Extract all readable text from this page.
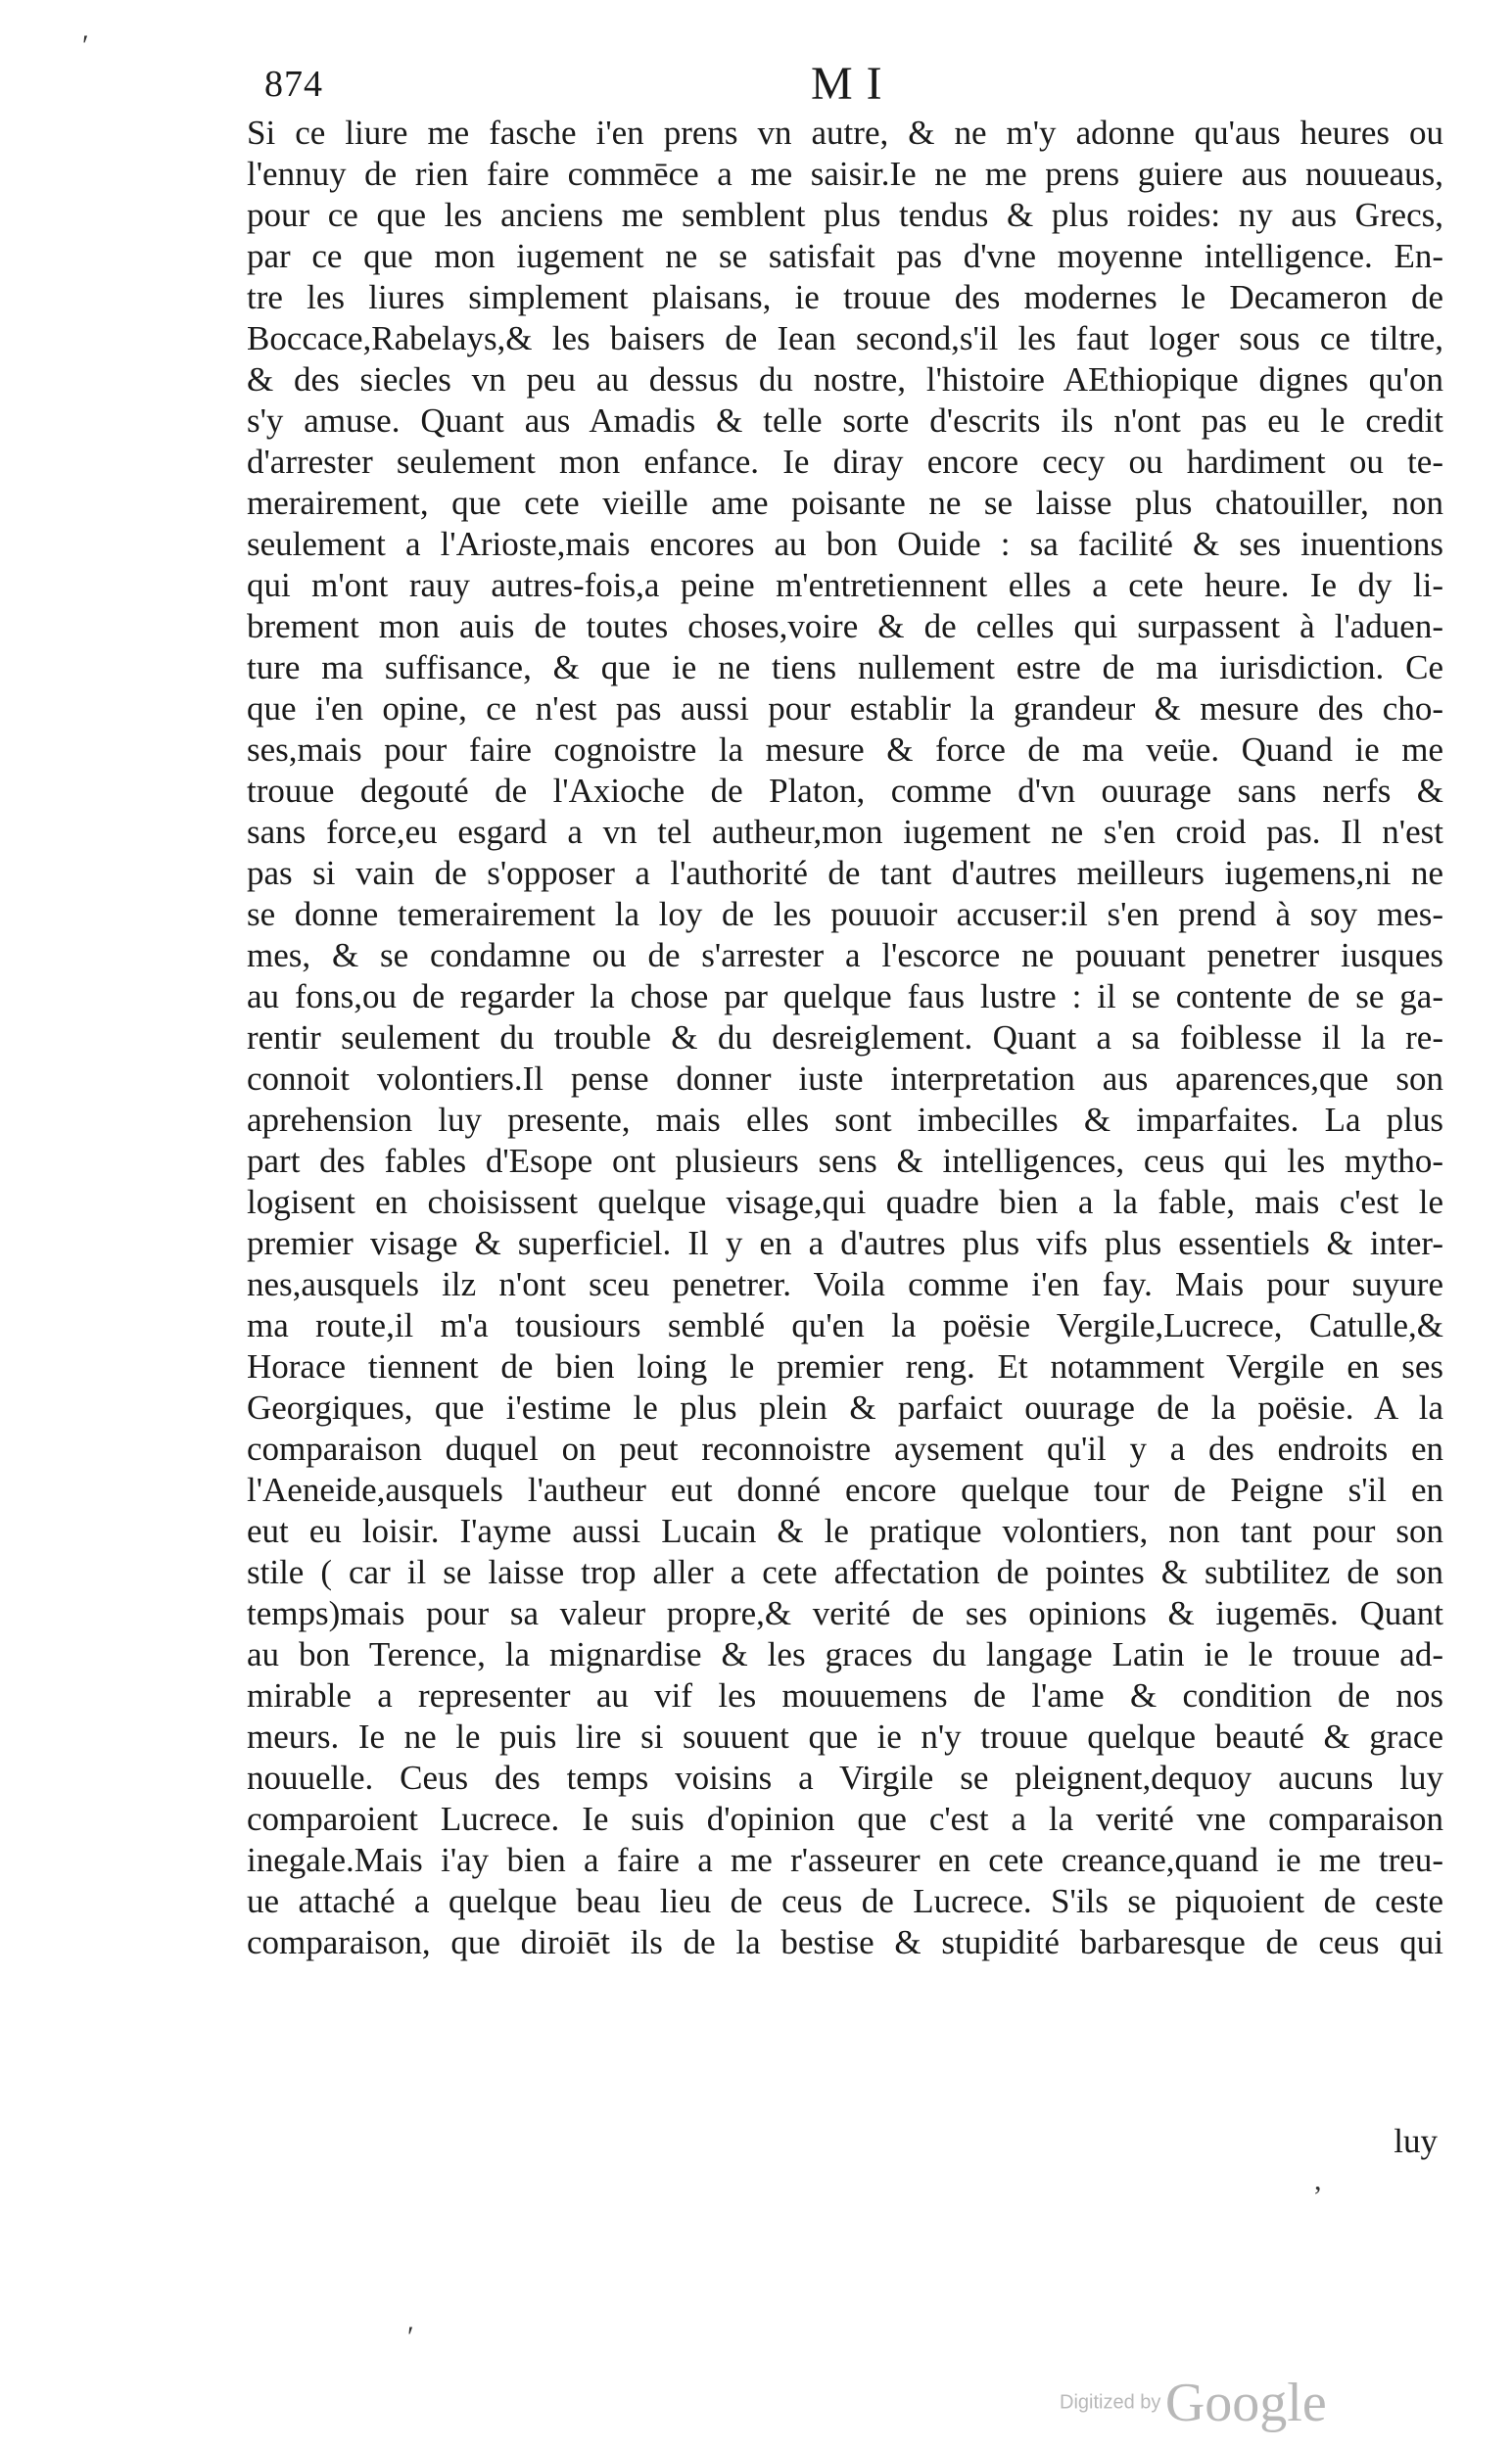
ʹ
,
ʹ
874	MI
Si ce liure me fasche i'en prens vn autre, & ne m'y adonne qu'aus heures ou
l'ennuy de rien faire commēce a me saisir.Ie ne me prens guiere aus nouueaus,
pour ce que les anciens me semblent plus tendus & plus roides: ny aus Grecs,
par ce que mon iugement ne se satisfait pas d'vne moyenne intelligence. En-
tre les liures simplement plaisans, ie trouue des modernes le Decameron de
Boccace,Rabelays,& les baisers de Iean second,s'il les faut loger sous ce tiltre,
& des siecles vn peu au dessus du nostre, l'histoire AEthiopique dignes qu'on
s'y amuse. Quant aus Amadis & telle sorte d'escrits ils n'ont pas eu le credit
d'arrester seulement mon enfance. Ie diray encore cecy ou hardiment ou te-
merairement, que cete vieille ame poisante ne se laisse plus chatouiller, non
seulement a l'Arioste,mais encores au bon Ouide : sa facilité & ses inuentions
qui m'ont rauy autres-fois,a peine m'entretiennent elles a cete heure. Ie dy li-
brement mon auis de toutes choses,voire & de celles qui surpassent à l'aduen-
ture ma suffisance, & que ie ne tiens nullement estre de ma iurisdiction. Ce
que i'en opine, ce n'est pas aussi pour establir la grandeur & mesure des cho-
ses,mais pour faire cognoistre la mesure & force de ma veüe. Quand ie me
trouue degouté de l'Axioche de Platon, comme d'vn ouurage sans nerfs &
sans force,eu esgard a vn tel autheur,mon iugement ne s'en croid pas. Il n'est
pas si vain de s'opposer a l'authorité de tant d'autres meilleurs iugemens,ni ne
se donne temerairement la loy de les pouuoir accuser:il s'en prend à soy mes-
mes, & se condamne ou de s'arrester a l'escorce ne pouuant penetrer iusques
au fons,ou de regarder la chose par quelque faus lustre : il se contente de se ga-
rentir seulement du trouble & du desreiglement. Quant a sa foiblesse il la re-
connoit volontiers.Il pense donner iuste interpretation aus aparences,que son
aprehension luy presente, mais elles sont imbecilles & imparfaites. La plus
part des fables d'Esope ont plusieurs sens & intelligences, ceus qui les mytho-
logisent en choisissent quelque visage,qui quadre bien a la fable, mais c'est le
premier visage & superficiel. Il y en a d'autres plus vifs plus essentiels & inter-
nes,ausquels ilz n'ont sceu penetrer. Voila comme i'en fay. Mais pour suyure
ma route,il m'a tousiours semblé qu'en la poësie Vergile,Lucrece, Catulle,&
Horace tiennent de bien loing le premier reng. Et notamment Vergile en ses
Georgiques, que i'estime le plus plein & parfaict ouurage de la poësie. A la
comparaison duquel on peut reconnoistre aysement qu'il y a des endroits en
l'Aeneide,ausquels l'autheur eut donné encore quelque tour de Peigne s'il en
eut eu loisir. I'ayme aussi Lucain & le pratique volontiers, non tant pour son
stile ( car il se laisse trop aller a cete affectation de pointes & subtilitez de son
temps)mais pour sa valeur propre,& verité de ses opinions & iugemēs. Quant
au bon Terence, la mignardise & les graces du langage Latin ie le trouue ad-
mirable a representer au vif les mouuemens de l'ame & condition de nos
meurs. Ie ne le puis lire si souuent que ie n'y trouue quelque beauté & grace
nouuelle. Ceus des temps voisins a Virgile se pleignent,dequoy aucuns luy
comparoient Lucrece. Ie suis d'opinion que c'est a la verité vne comparaison
inegale.Mais i'ay bien a faire a me r'asseurer en cete creance,quand ie me treu-
ue attaché a quelque beau lieu de ceus de Lucrece. S'ils se piquoient de ceste
comparaison, que diroiēt ils de la bestise & stupidité barbaresque de ceus qui
luy
Digitized by Google
